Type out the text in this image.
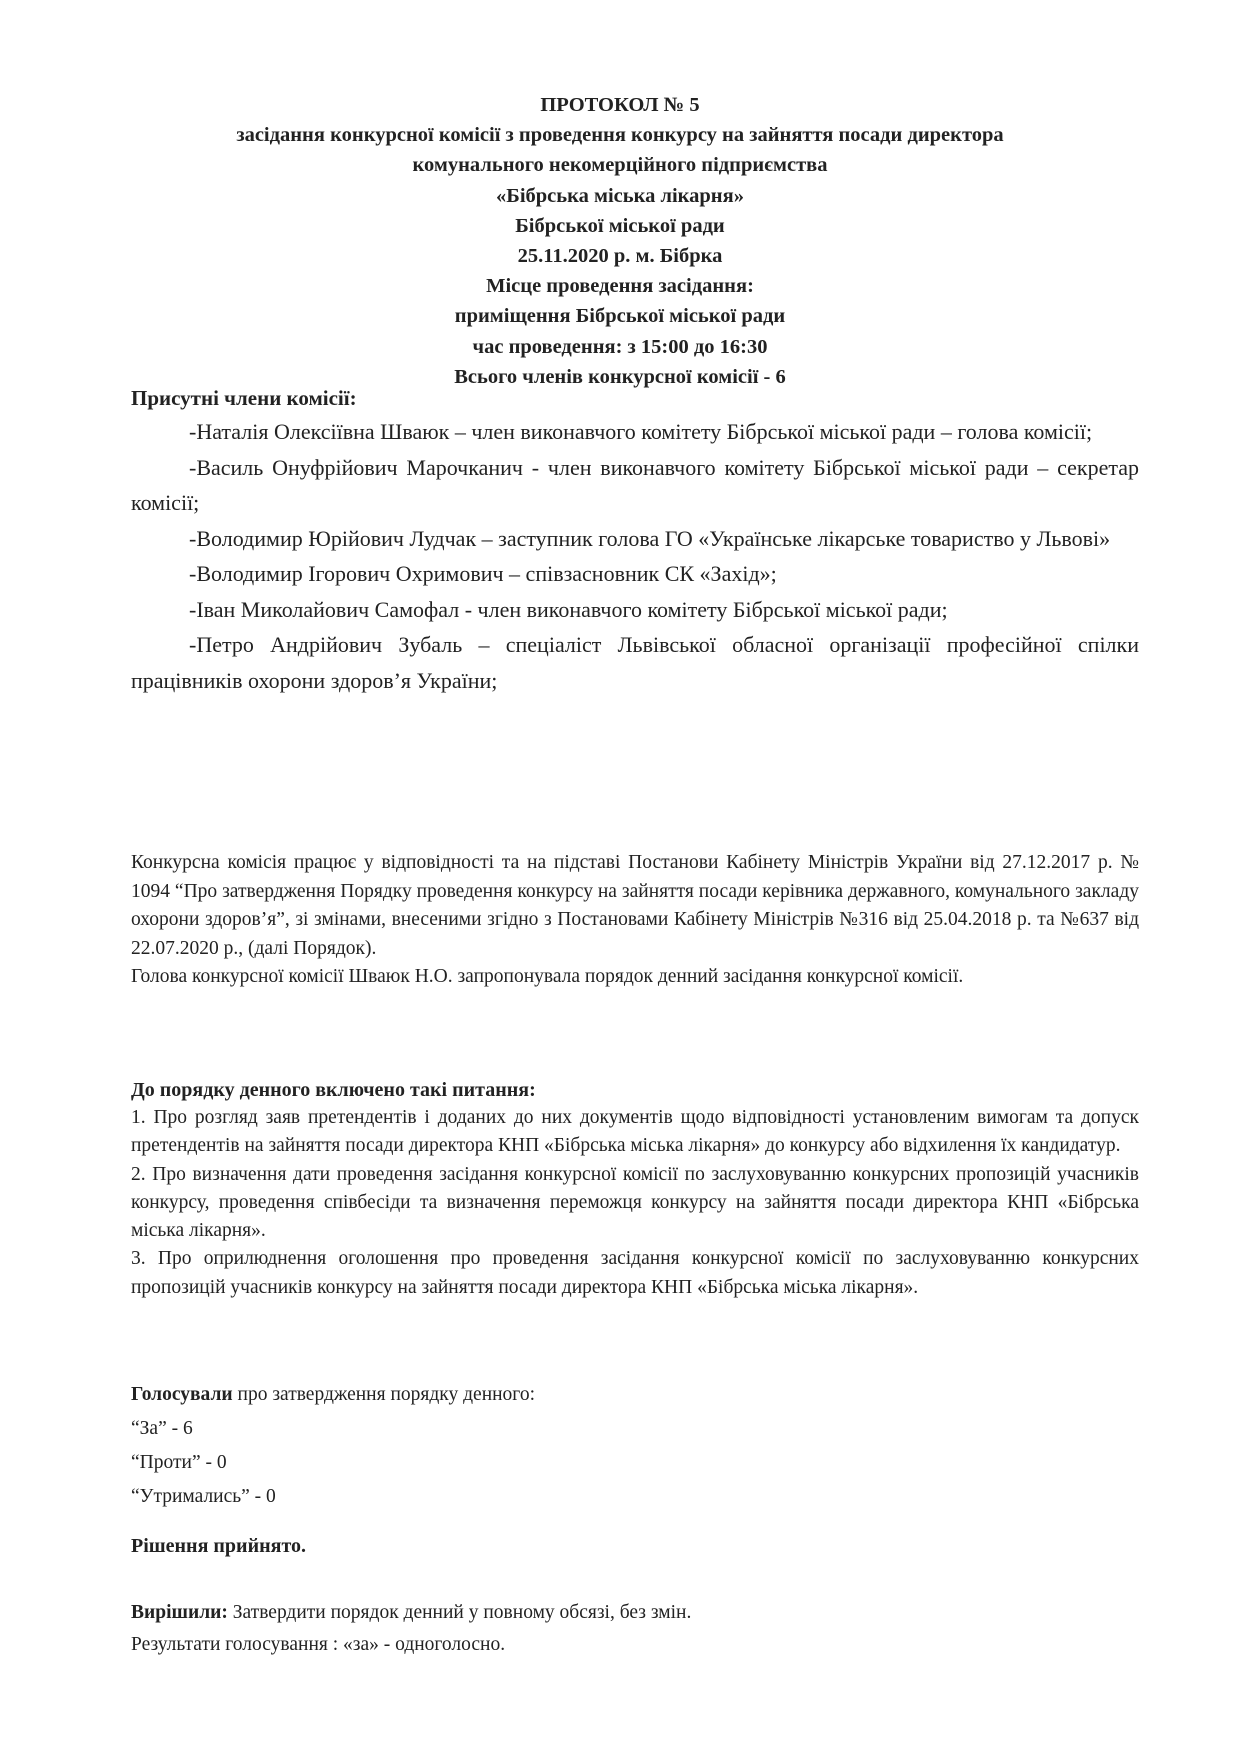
ПРОТОКОЛ № 5
засідання конкурсної комісії з проведення конкурсу на зайняття посади директора
комунального некомерційного підприємства
«Бібрська міська лікарня»
Бібрської міської ради
25.11.2020 р. м. Бібрка
Місце проведення засідання:
приміщення Бібрської міської ради
час проведення: з 15:00 до 16:30
Всього членів конкурсної комісії - 6
Присутні члени комісії:

-Наталія Олексіївна Шваюк – член виконавчого комітету Бібрської міської ради – голова комісії;

-Василь Онуфрійович Марочканич - член виконавчого комітету Бібрської міської ради – секретар комісії;

-Володимир Юрійович Лудчак – заступник голова ГО «Українське лікарське товариство у Львові»

-Володимир Ігорович Охримович – співзасновник СК «Захід»;

-Іван Миколайович Самофал - член виконавчого комітету Бібрської міської ради;

-Петро Андрійович Зубаль – спеціаліст Львівської обласної організації професійної спілки працівників охорони здоров’я України;

Конкурсна комісія працює у відповідності та на підставі Постанови Кабінету Міністрів України від 27.12.2017 р. № 1094 “Про затвердження Порядку проведення конкурсу на зайняття посади керівника державного, комунального закладу охорони здоров’я”, зі змінами, внесеними згідно з Постановами Кабінету Міністрів №316 від 25.04.2018 р. та №637 від 22.07.2020 р., (далі Порядок).

Голова конкурсної комісії Шваюк Н.О. запропонувала порядок денний засідання конкурсної комісії.

До порядку денного включено такі питання:

1. Про розгляд заяв претендентів і доданих до них документів щодо відповідності установленим вимогам та допуск претендентів на зайняття посади директора КНП «Бібрська міська лікарня» до конкурсу або відхилення їх кандидатур.

2. Про визначення дати проведення засідання конкурсної комісії по заслуховуванню конкурсних пропозицій учасників конкурсу, проведення співбесіди та визначення переможця конкурсу на зайняття посади директора КНП «Бібрська міська лікарня».

3. Про оприлюднення оголошення про проведення засідання конкурсної комісії по заслуховуванню конкурсних пропозицій учасників конкурсу на зайняття посади директора КНП «Бібрська міська лікарня».

Голосували про затвердження порядку денного:
“За” - 6
“Проти” - 0
“Утримались” - 0
Рішення прийнято.
Вирішили: Затвердити порядок денний у повному обсязі, без змін.
Результати голосування : «за» - одноголосно.
